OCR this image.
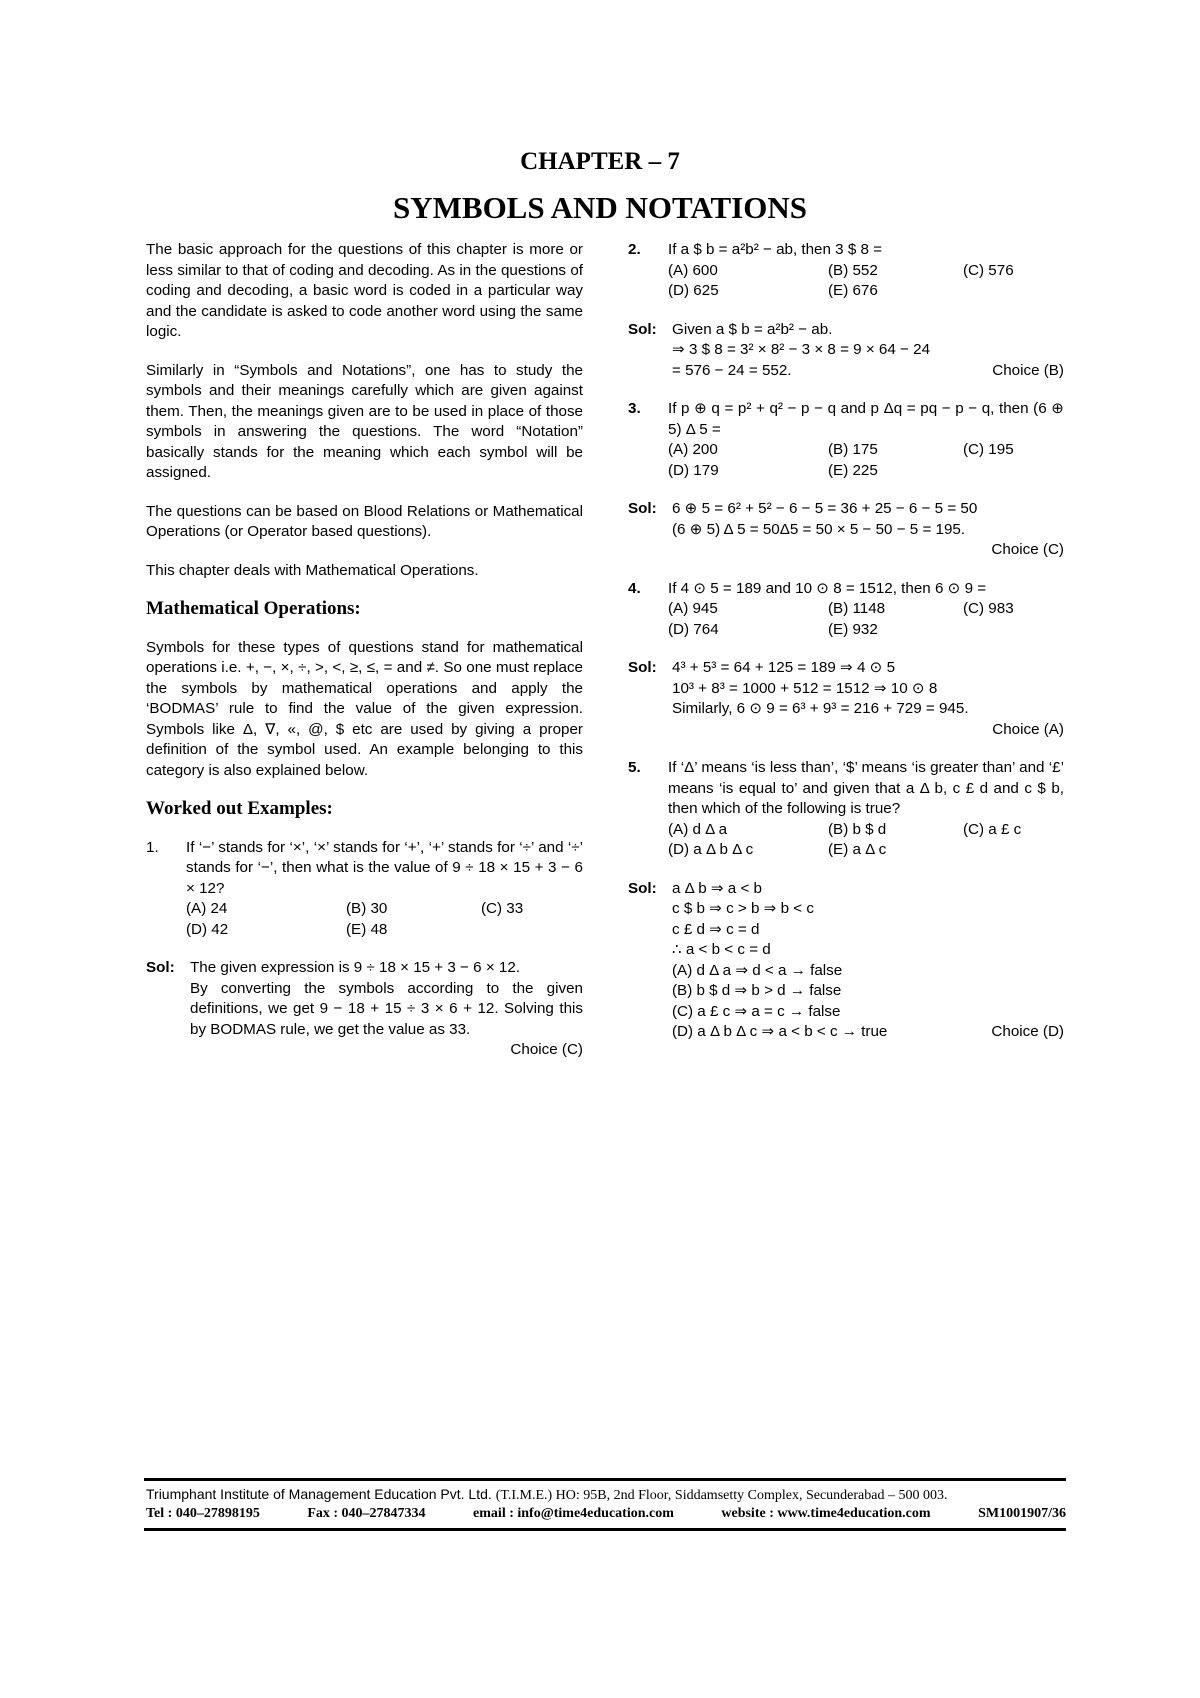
CHAPTER – 7
SYMBOLS AND NOTATIONS

The basic approach for the questions of this chapter is more or less similar to that of coding and decoding. As in the questions of coding and decoding, a basic word is coded in a particular way and the candidate is asked to code another word using the same logic.

Similarly in “Symbols and Notations”, one has to study the symbols and their meanings carefully which are given against them. Then, the meanings given are to be used in place of those symbols in answering the questions. The word “Notation” basically stands for the meaning which each symbol will be assigned.

The questions can be based on Blood Relations or Mathematical Operations (or Operator based questions).

This chapter deals with Mathematical Operations.

Mathematical Operations:

Symbols for these types of questions stand for mathematical operations i.e. +, −, ×, ÷, >, <, ≥, ≤, = and ≠. So one must replace the symbols by mathematical operations and apply the ‘BODMAS’ rule to find the value of the given expression. Symbols like Δ, ∇, «, @, $ etc are used by giving a proper definition of the symbol used. An example belonging to this category is also explained below.

Worked out Examples:
1.	If ‘−’ stands for ‘×’, ‘×’ stands for ‘+’, ‘+’ stands for ‘÷’ and ‘÷’ stands for ‘−’, then what is the value of 9 ÷ 18 × 15 + 3 − 6 × 12?
(A) 24	(B) 30	(C) 33
(D) 42	(E) 48
Sol:	The given expression is 9 ÷ 18 × 15 + 3 − 6 × 12.
By converting the symbols according to the given definitions, we get 9 − 18 + 15 ÷ 3 × 6 + 12. Solving this by BODMAS rule, we get the value as 33.
Choice (C)
2.	If a $ b = a²b² − ab, then 3 $ 8 =
(A) 600	(B) 552	(C) 576
(D) 625	(E) 676
Sol:	Given a $ b = a²b² − ab.
⇒ 3 $ 8 = 3² × 8² − 3 × 8 = 9 × 64 − 24
= 576 − 24 = 552.	Choice (B)
3.	If p ⊕ q = p² + q² − p − q and p Δq = pq − p − q, then (6 ⊕ 5) Δ 5 =
(A) 200	(B) 175	(C) 195
(D) 179	(E) 225
Sol:	6 ⊕ 5 = 6² + 5² − 6 − 5 = 36 + 25 − 6 − 5 = 50
(6 ⊕ 5) Δ 5 = 50Δ5 = 50 × 5 − 50 − 5 = 195.
Choice (C)
4.	If 4 ⊙ 5 = 189 and 10 ⊙ 8 = 1512, then 6 ⊙ 9 =
(A) 945	(B) 1148	(C) 983
(D) 764	(E) 932
Sol:	4³ + 5³ = 64 + 125 = 189 ⇒ 4 ⊙ 5
10³ + 8³ = 1000 + 512 = 1512 ⇒ 10 ⊙ 8
Similarly, 6 ⊙ 9 = 6³ + 9³ = 216 + 729 = 945.
Choice (A)
5.	If ‘Δ’ means ‘is less than’, ‘$’ means ‘is greater than’ and ‘£’ means ‘is equal to’ and given that a Δ b, c £ d and c $ b, then which of the following is true?
(A) d Δ a	(B) b $ d	(C) a £ c
(D) a Δ b Δ c	(E) a Δ c
Sol:	a Δ b ⇒ a < b
c $ b ⇒ c > b ⇒ b < c
c £ d ⇒ c = d
∴ a < b < c = d
(A) d Δ a ⇒ d < a → false
(B) b $ d ⇒ b > d → false
(C) a £ c ⇒ a = c → false
(D) a Δ b Δ c ⇒ a < b < c → true	Choice (D)
Triumphant Institute of Management Education Pvt. Ltd. (T.I.M.E.) HO: 95B, 2nd Floor, Siddamsetty Complex, Secunderabad – 500 003.
Tel : 040–27898195	Fax : 040–27847334	email : info@time4education.com	website : www.time4education.com	SM1001907/36
